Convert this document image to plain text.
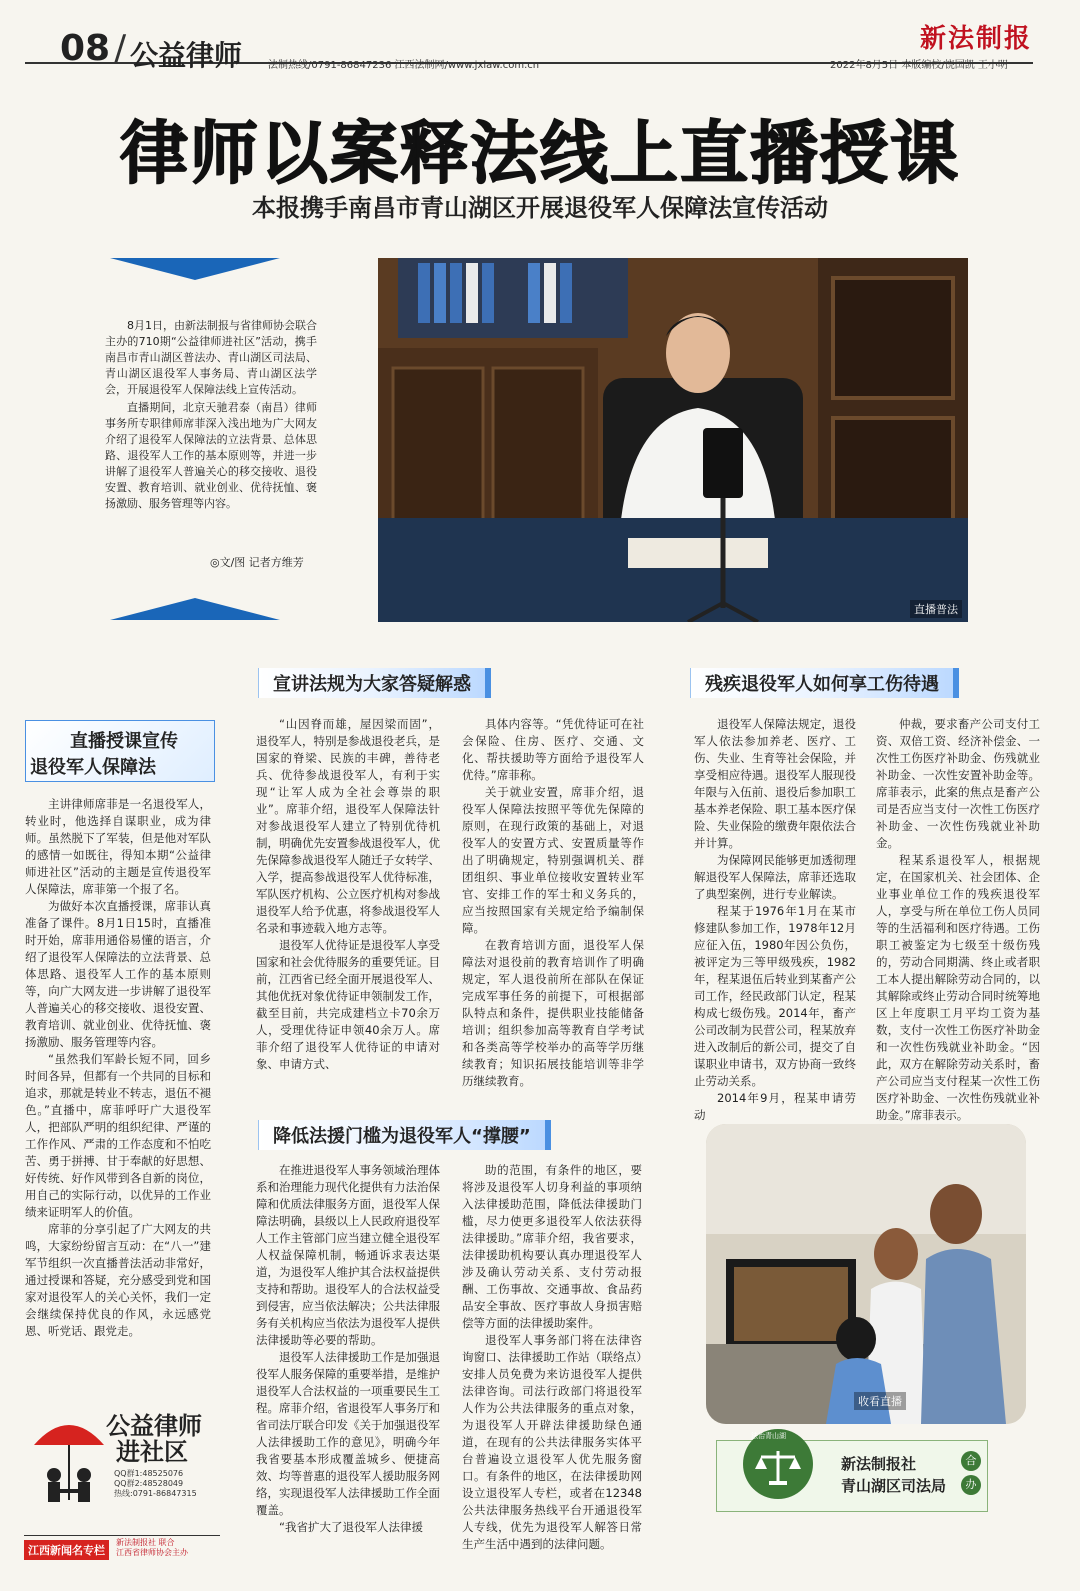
08 / 公益律师	法制热线/0791-86847236 江西法制网/www.jxlaw.com.cn	2022年8月5日 本版编校/饶国凯 王小明
新法制报
律师以案释法线上直播授课
本报携手南昌市青山湖区开展退役军人保障法宣传活动

8月1日，由新法制报与省律师协会联合主办的710期“公益律师进社区”活动，携手南昌市青山湖区普法办、青山湖区司法局、青山湖区退役军人事务局、青山湖区法学会，开展退役军人保障法线上宣传活动。

直播期间，北京天驰君泰（南昌）律师事务所专职律师席菲深入浅出地为广大网友介绍了退役军人保障法的立法背景、总体思路、退役军人工作的基本原则等，并进一步讲解了退役军人普遍关心的移交接收、退役安置、教育培训、就业创业、优待抚恤、褒扬激励、服务管理等内容。

◎文/图 记者方维芳
直播普法
宣讲法规为大家答疑解惑	残疾退役军人如何享工伤待遇
直播授课宣传
退役军人保障法

主讲律师席菲是一名退役军人，转业时，他选择自谋职业，成为律师。虽然脱下了军装，但是他对军队的感情一如既往，得知本期“公益律师进社区”活动的主题是宣传退役军人保障法，席菲第一个报了名。

为做好本次直播授课，席菲认真准备了课件。8月1日15时，直播准时开始，席菲用通俗易懂的语言，介绍了退役军人保障法的立法背景、总体思路、退役军人工作的基本原则等，向广大网友进一步讲解了退役军人普遍关心的移交接收、退役安置、教育培训、就业创业、优待抚恤、褒扬激励、服务管理等内容。

“虽然我们军龄长短不同，回乡时间各异，但都有一个共同的目标和追求，那就是转业不转志，退伍不褪色。”直播中，席菲呼吁广大退役军人，把部队严明的组织纪律、严谨的工作作风、严肃的工作态度和不怕吃苦、勇于拼搏、甘于奉献的好思想、好传统、好作风带到各自新的岗位，用自己的实际行动，以优异的工作业绩来证明军人的价值。

席菲的分享引起了广大网友的共鸣，大家纷纷留言互动：在“八一”建军节组织一次直播普法活动非常好，通过授课和答疑，充分感受到党和国家对退役军人的关心关怀，我们一定会继续保持优良的作风，永远感党恩、听党话、跟党走。

“山因脊而雄，屋因梁而固”，退役军人，特别是参战退役老兵，是国家的脊梁、民族的丰碑，善待老兵、优待参战退役军人，有利于实现“让军人成为全社会尊崇的职业”。席菲介绍，退役军人保障法针对参战退役军人建立了特别优待机制，明确优先安置参战退役军人，优先保障参战退役军人随迁子女转学、入学，提高参战退役军人优待标准，军队医疗机构、公立医疗机构对参战退役军人给予优惠，将参战退役军人名录和事迹载入地方志等。

退役军人优待证是退役军人享受国家和社会优待服务的重要凭证。目前，江西省已经全面开展退役军人、其他优抚对象优待证申领制发工作，截至目前，共完成建档立卡70余万人，受理优待证申领40余万人。席菲介绍了退役军人优待证的申请对象、申请方式、

具体内容等。“凭优待证可在社会保险、住房、医疗、交通、文化、帮扶援助等方面给予退役军人优待。”席菲称。

关于就业安置，席菲介绍，退役军人保障法按照平等优先保障的原则，在现行政策的基础上，对退役军人的安置方式、安置质量等作出了明确规定，特别强调机关、群团组织、事业单位接收安置转业军官、安排工作的军士和义务兵的，应当按照国家有关规定给予编制保障。

在教育培训方面，退役军人保障法对退役前的教育培训作了明确规定，军人退役前所在部队在保证完成军事任务的前提下，可根据部队特点和条件，提供职业技能储备培训；组织参加高等教育自学考试和各类高等学校举办的高等学历继续教育；知识拓展技能培训等非学历继续教育。

退役军人保障法规定，退役军人依法参加养老、医疗、工伤、失业、生育等社会保险，并享受相应待遇。退役军人服现役年限与入伍前、退役后参加职工基本养老保险、职工基本医疗保险、失业保险的缴费年限依法合并计算。

为保障网民能够更加透彻理解退役军人保障法，席菲还选取了典型案例，进行专业解读。

程某于1976年1月在某市修建队参加工作，1978年12月应征入伍，1980年因公负伤，被评定为三等甲级残疾，1982年，程某退伍后转业到某畜产公司工作，经民政部门认定，程某构成七级伤残。2014年，畜产公司改制为民营公司，程某放弃进入改制后的新公司，提交了自谋职业申请书，双方协商一致终止劳动关系。

2014年9月，程某申请劳动

仲裁，要求畜产公司支付工资、双倍工资、经济补偿金、一次性工伤医疗补助金、伤残就业补助金、一次性安置补助金等。席菲表示，此案的焦点是畜产公司是否应当支付一次性工伤医疗补助金、一次性伤残就业补助金。

程某系退役军人，根据规定，在国家机关、社会团体、企业事业单位工作的残疾退役军人，享受与所在单位工伤人员同等的生活福利和医疗待遇。工伤职工被鉴定为七级至十级伤残的，劳动合同期满、终止或者职工本人提出解除劳动合同的，以其解除或终止劳动合同时统筹地区上年度职工月平均工资为基数，支付一次性工伤医疗补助金和一次性伤残就业补助金。“因此，双方在解除劳动关系时，畜产公司应当支付程某一次性工伤医疗补助金、一次性伤残就业补助金。”席菲表示。

降低法援门槛为退役军人“撑腰”

在推进退役军人事务领域治理体系和治理能力现代化提供有力法治保障和优质法律服务方面，退役军人保障法明确，县级以上人民政府退役军人工作主管部门应当建立健全退役军人权益保障机制，畅通诉求表达渠道，为退役军人维护其合法权益提供支持和帮助。退役军人的合法权益受到侵害，应当依法解决；公共法律服务有关机构应当依法为退役军人提供法律援助等必要的帮助。

退役军人法律援助工作是加强退役军人服务保障的重要举措，是维护退役军人合法权益的一项重要民生工程。席菲介绍，省退役军人事务厅和省司法厅联合印发《关于加强退役军人法律援助工作的意见》，明确今年我省要基本形成覆盖城乡、便捷高效、均等普惠的退役军人援助服务网络，实现退役军人法律援助工作全面覆盖。

“我省扩大了退役军人法律援

助的范围，有条件的地区，要将涉及退役军人切身利益的事项纳入法律援助范围，降低法律援助门槛，尽力使更多退役军人依法获得法律援助。”席菲介绍，我省要求，法律援助机构要认真办理退役军人涉及确认劳动关系、支付劳动报酬、工伤事故、交通事故、食品药品安全事故、医疗事故人身损害赔偿等方面的法律援助案件。

退役军人事务部门将在法律咨询窗口、法律援助工作站（联络点）安排人员免费为来访退役军人提供法律咨询。司法行政部门将退役军人作为公共法律服务的重点对象，为退役军人开辟法律援助绿色通道，在现有的公共法律服务实体平台普遍设立退役军人优先服务窗口。有条件的地区，在法律援助网设立退役军人专栏，或者在12348公共法律服务热线平台开通退役军人专线，优先为退役军人解答日常生产生活中遇到的法律问题。

收看直播
公益律师
进社区
QQ群1:48525076
QQ群2:48528049
热线:0791-86847315
江西新闻名专栏
新法制报社 联合
江西省律师协会主办
法治青山湖
新法制报社
青山湖区司法局
合
办
